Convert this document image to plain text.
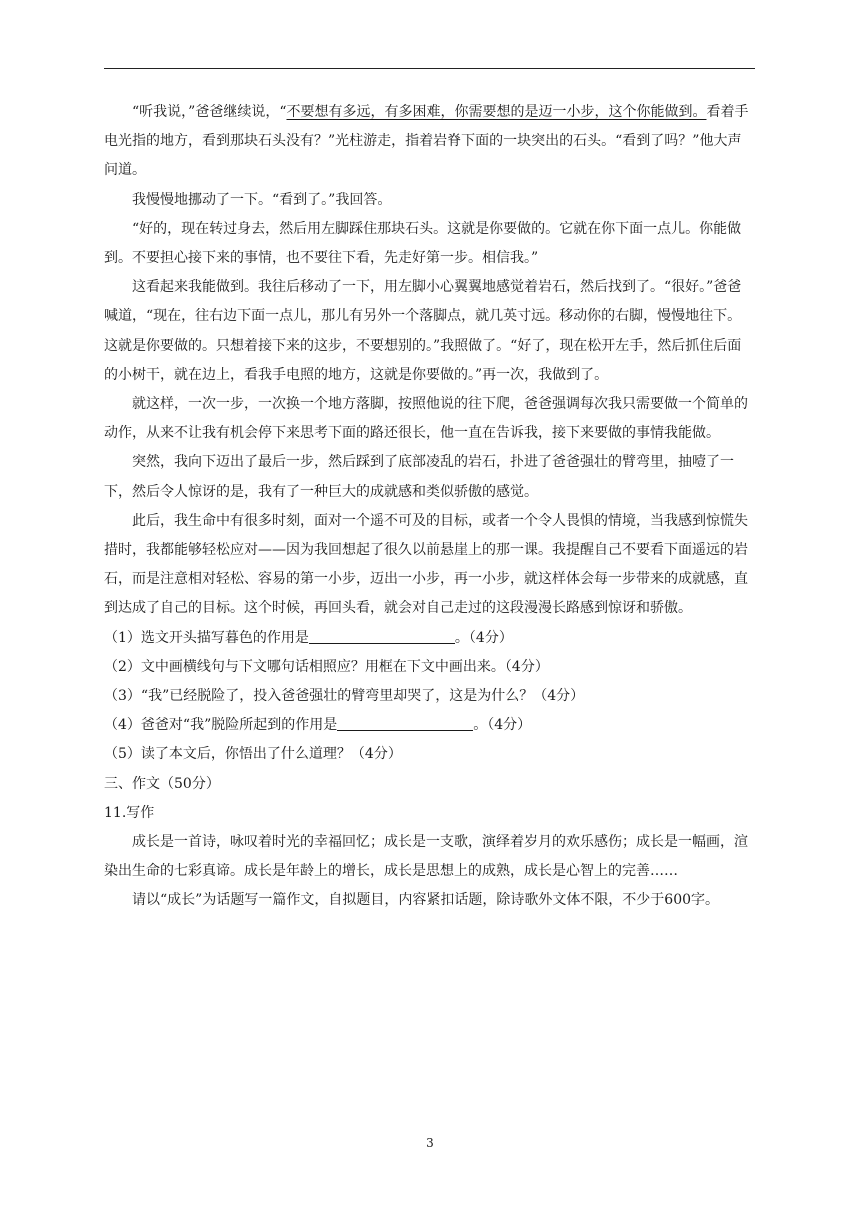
“听我说，”爸爸继续说，“不要想有多远，有多困难，你需要想的是迈一小步，这个你能做到。看着手电光指的地方，看到那块石头没有？”光柱游走，指着岩脊下面的一块突出的石头。“看到了吗？”他大声问道。

我慢慢地挪动了一下。“看到了。”我回答。

“好的，现在转过身去，然后用左脚踩住那块石头。这就是你要做的。它就在你下面一点儿。你能做到。不要担心接下来的事情，也不要往下看，先走好第一步。相信我。”

这看起来我能做到。我往后移动了一下，用左脚小心翼翼地感觉着岩石，然后找到了。“很好。”爸爸喊道，“现在，往右边下面一点儿，那儿有另外一个落脚点，就几英寸远。移动你的右脚，慢慢地往下。这就是你要做的。只想着接下来的这步，不要想别的。”我照做了。“好了，现在松开左手，然后抓住后面的小树干，就在边上，看我手电照的地方，这就是你要做的。”再一次，我做到了。

就这样，一次一步，一次换一个地方落脚，按照他说的往下爬，爸爸强调每次我只需要做一个简单的动作，从来不让我有机会停下来思考下面的路还很长，他一直在告诉我，接下来要做的事情我能做。

突然，我向下迈出了最后一步，然后踩到了底部凌乱的岩石，扑进了爸爸强壮的臂弯里，抽噎了一下，然后令人惊讶的是，我有了一种巨大的成就感和类似骄傲的感觉。

此后，我生命中有很多时刻，面对一个遥不可及的目标，或者一个令人畏惧的情境，当我感到惊慌失措时，我都能够轻松应对——因为我回想起了很久以前悬崖上的那一课。我提醒自己不要看下面遥远的岩石，而是注意相对轻松、容易的第一小步，迈出一小步，再一小步，就这样体会每一步带来的成就感，直到达成了自己的目标。这个时候，再回头看，就会对自己走过的这段漫漫长路感到惊讶和骄傲。

（1）选文开头描写暮色的作用是	。（4分）

（2）文中画横线句与下文哪句话相照应？用框在下文中画出来。（4分）

（3）“我”已经脱险了，投入爸爸强壮的臂弯里却哭了，这是为什么？（4分）

（4）爸爸对“我”脱险所起到的作用是	。（4分）

（5）读了本文后，你悟出了什么道理？（4分）

三、作文（50分）

11.写作

成长是一首诗，咏叹着时光的幸福回忆；成长是一支歌，演绎着岁月的欢乐感伤；成长是一幅画，渲染出生命的七彩真谛。成长是年龄上的增长，成长是思想上的成熟，成长是心智上的完善……

请以“成长”为话题写一篇作文，自拟题目，内容紧扣话题，除诗歌外文体不限，不少于600字。

3
